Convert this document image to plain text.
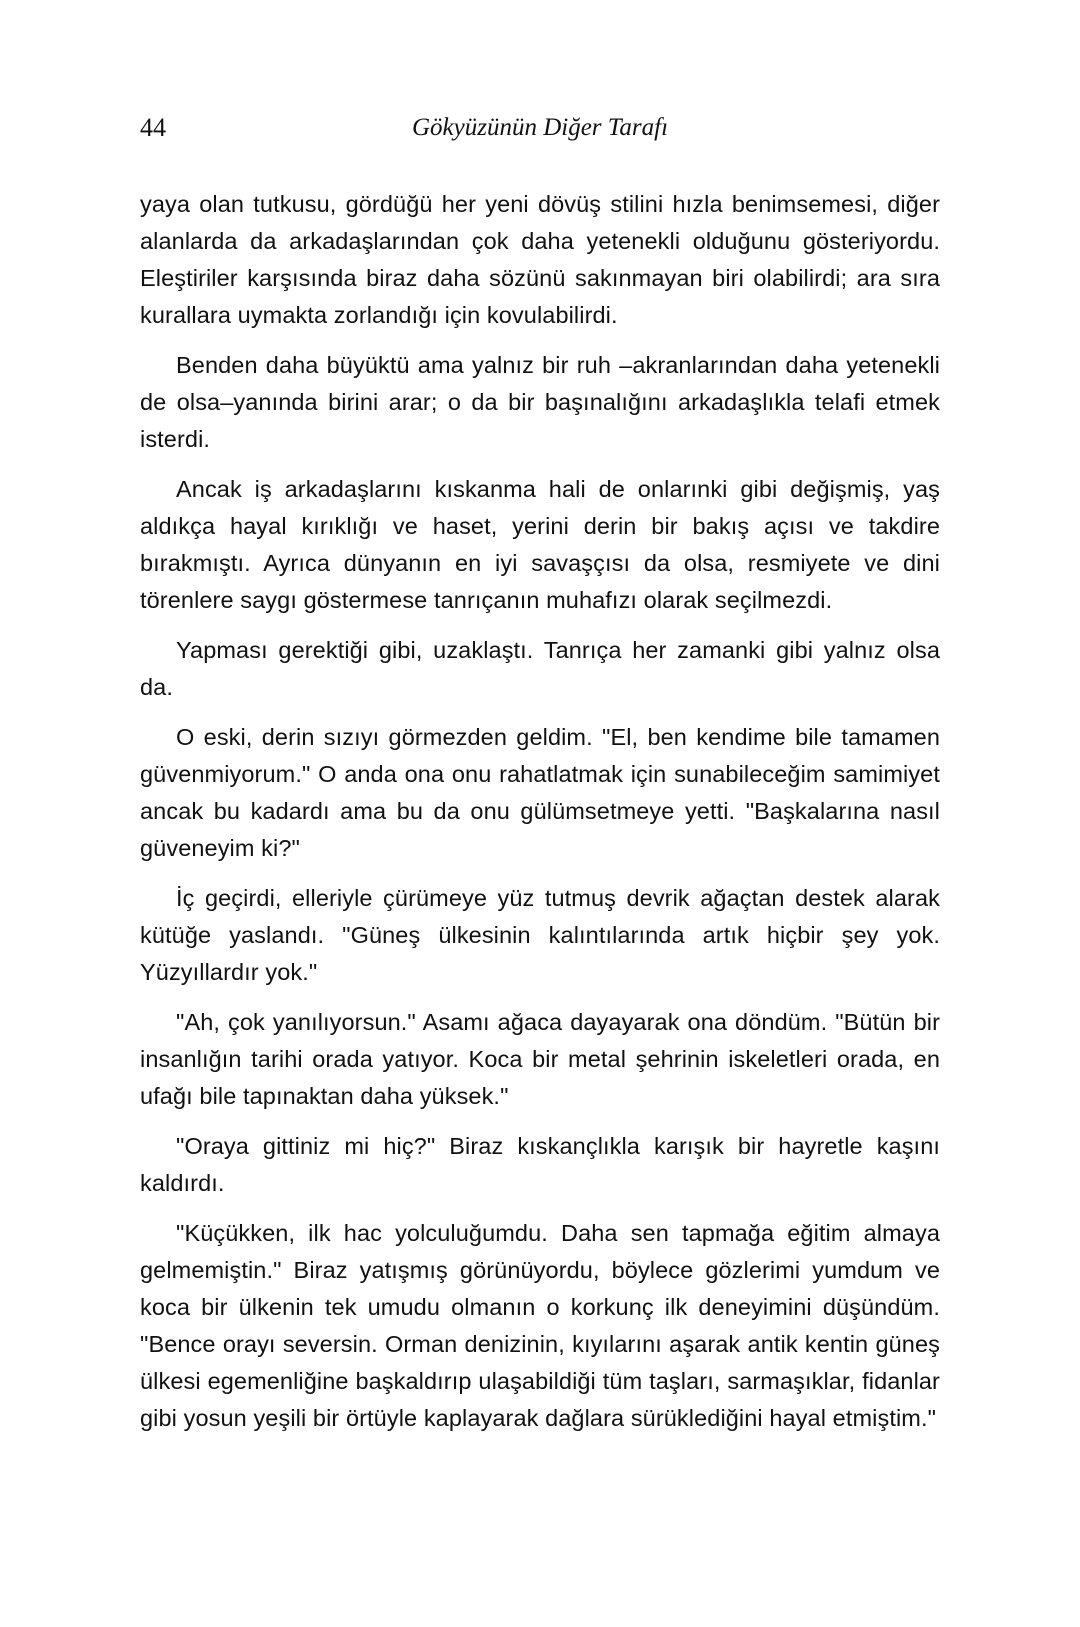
44	Gökyüzünün Diğer Tarafı

yaya olan tutkusu, gördüğü her yeni dövüş stilini hızla benimsemesi, diğer alanlarda da arkadaşlarından çok daha yetenekli olduğunu gösteriyordu. Eleştiriler karşısında biraz daha sözünü sakınmayan biri olabilirdi; ara sıra kurallara uymakta zorlandığı için kovulabilirdi.

Benden daha büyüktü ama yalnız bir ruh –akranlarından daha yetenekli de olsa–yanında birini arar; o da bir başınalığını arkadaşlıkla telafi etmek isterdi.

Ancak iş arkadaşlarını kıskanma hali de onlarınki gibi değişmiş, yaş aldıkça hayal kırıklığı ve haset, yerini derin bir bakış açısı ve takdire bırakmıştı. Ayrıca dünyanın en iyi savaşçısı da olsa, resmiyete ve dini törenlere saygı göstermese tanrıçanın muhafızı olarak seçilmezdi.

Yapması gerektiği gibi, uzaklaştı. Tanrıça her zamanki gibi yalnız olsa da.

O eski, derin sızıyı görmezden geldim. "El, ben kendime bile tamamen güvenmiyorum." O anda ona onu rahatlatmak için sunabileceğim samimiyet ancak bu kadardı ama bu da onu gülümsetmeye yetti. "Başkalarına nasıl güveneyim ki?"

İç geçirdi, elleriyle çürümeye yüz tutmuş devrik ağaçtan destek alarak kütüğe yaslandı. "Güneş ülkesinin kalıntılarında artık hiçbir şey yok. Yüzyıllardır yok."

"Ah, çok yanılıyorsun." Asamı ağaca dayayarak ona döndüm. "Bütün bir insanlığın tarihi orada yatıyor. Koca bir metal şehrinin iskeletleri orada, en ufağı bile tapınaktan daha yüksek."

"Oraya gittiniz mi hiç?" Biraz kıskançlıkla karışık bir hayretle kaşını kaldırdı.

"Küçükken, ilk hac yolculuğumdu. Daha sen tapmağa eğitim almaya gelmemiştin." Biraz yatışmış görünüyordu, böylece gözlerimi yumdum ve koca bir ülkenin tek umudu olmanın o korkunç ilk deneyimini düşündüm. "Bence orayı seversin. Orman denizinin, kıyılarını aşarak antik kentin güneş ülkesi egemenliğine başkaldırıp ulaşabildiği tüm taşları, sarmaşıklar, fidanlar gibi yosun yeşili bir örtüyle kaplayarak dağlara sürüklediğini hayal etmiştim."
